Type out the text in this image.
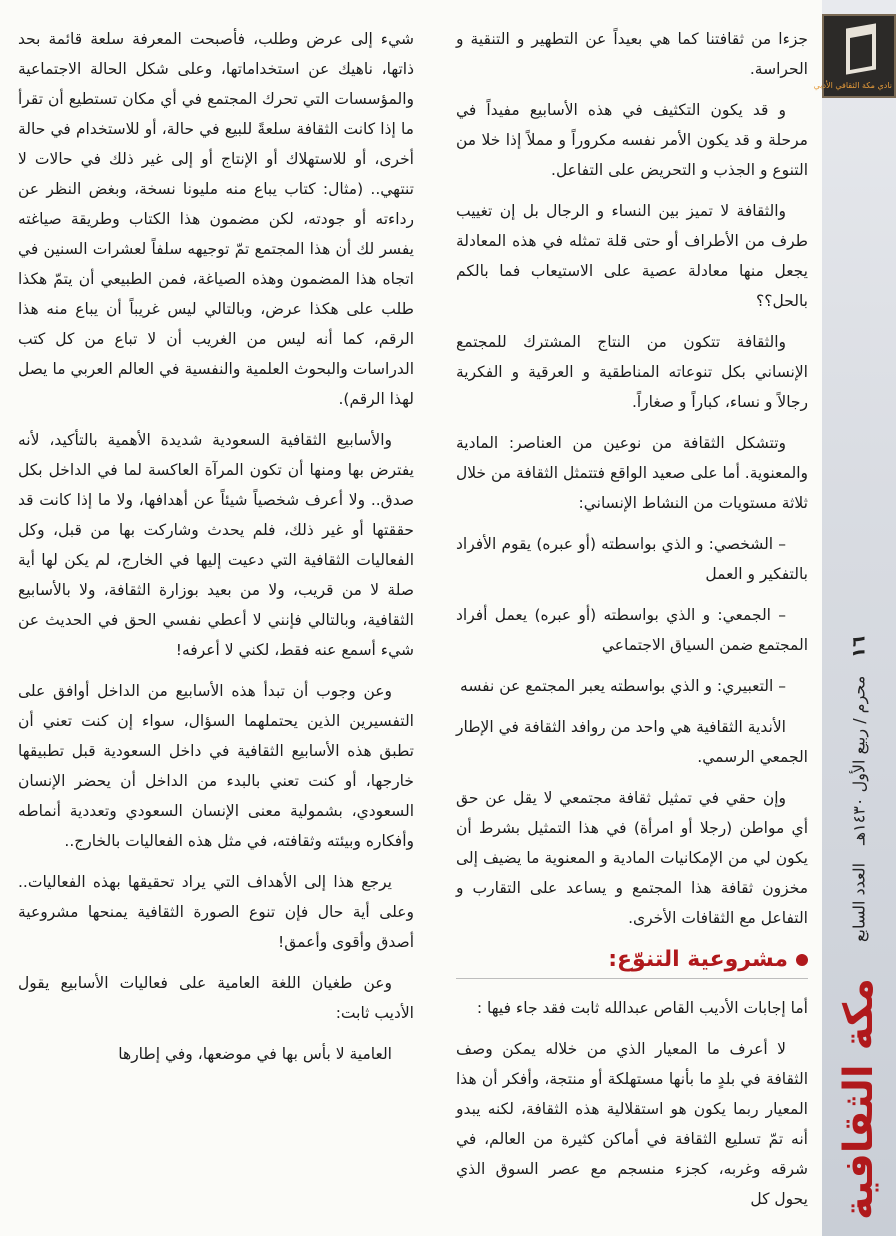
نادي مكة الثقافي الأدبي
١٦
محرم / ربيع الأول ١٤٣٠هـ
العدد السابع
مكة الثقافية

جزءا من ثقافتنا كما هي بعيداً عن التطهير و التنقية و الحراسة.

و قد يكون التكثيف في هذه الأسابيع مفيداً في مرحلة و قد يكون الأمر نفسه مكروراً و مملاً إذا خلا من التنوع و الجذب و التحريض على التفاعل.

والثقافة لا تميز بين النساء و الرجال بل إن تغييب طرف من الأطراف أو حتى قلة تمثله في هذه المعادلة يجعل منها معادلة عصية على الاستيعاب فما بالكم بالحل؟؟

والثقافة تتكون من النتاج المشترك للمجتمع الإنساني بكل تنوعاته المناطقية و العرقية و الفكرية رجالاً و نساء، كباراً و صغاراً.

وتتشكل الثقافة من نوعين من العناصر: المادية والمعنوية. أما على صعيد الواقع فتتمثل الثقافة من خلال ثلاثة مستويات من النشاط الإنساني:

– الشخصي: و الذي بواسطته (أو عبره) يقوم الأفراد بالتفكير و العمل

– الجمعي: و الذي بواسطته (أو عبره) يعمل أفراد المجتمع ضمن السياق الاجتماعي

– التعبيري: و الذي بواسطته يعبر المجتمع عن نفسه

الأندية الثقافية هي واحد من روافد الثقافة في الإطار الجمعي الرسمي.

وإن حقي في تمثيل ثقافة مجتمعي لا يقل عن حق أي مواطن (رجلا أو امرأة) في هذا التمثيل بشرط أن يكون لي من الإمكانيات المادية و المعنوية ما يضيف إلى مخزون ثقافة هذا المجتمع و يساعد على التقارب و التفاعل مع الثقافات الأخرى.

مشروعية التنوّع:

أما إجابات الأديب القاص عبدالله ثابت فقد جاء فيها :

لا أعرف ما المعيار الذي من خلاله يمكن وصف الثقافة في بلدٍ ما بأنها مستهلكة أو منتجة، وأفكر أن هذا المعيار ربما يكون هو استقلالية هذه الثقافة، لكنه يبدو أنه تمّ تسليع الثقافة في أماكن كثيرة من العالم، في شرقه وغربه، كجزء منسجم مع عصر السوق الذي يحول كل

شيء إلى عرض وطلب، فأصبحت المعرفة سلعة قائمة بحد ذاتها، ناهيك عن استخداماتها، وعلى شكل الحالة الاجتماعية والمؤسسات التي تحرك المجتمع في أي مكان تستطيع أن تقرأ ما إذا كانت الثقافة سلعةً للبيع في حالة، أو للاستخدام في حالة أخرى، أو للاستهلاك أو الإنتاج أو إلى غير ذلك في حالات لا تنتهي.. (مثال: كتاب يباع منه مليونا نسخة، وبغض النظر عن رداءته أو جودته، لكن مضمون هذا الكتاب وطريقة صياغته يفسر لك أن هذا المجتمع تمّ توجيهه سلفاً لعشرات السنين في اتجاه هذا المضمون وهذه الصياغة، فمن الطبيعي أن يتمّ هكذا طلب على هكذا عرض، وبالتالي ليس غريباً أن يباع منه هذا الرقم، كما أنه ليس من الغريب أن لا تباع من كل كتب الدراسات والبحوث العلمية والنفسية في العالم العربي ما يصل لهذا الرقم).

والأسابيع الثقافية السعودية شديدة الأهمية بالتأكيد، لأنه يفترض بها ومنها أن تكون المرآة العاكسة لما في الداخل بكل صدق.. ولا أعرف شخصياً شيئاً عن أهدافها، ولا ما إذا كانت قد حققتها أو غير ذلك، فلم يحدث وشاركت بها من قبل، وكل الفعاليات الثقافية التي دعيت إليها في الخارج، لم يكن لها أية صلة لا من قريب، ولا من بعيد بوزارة الثقافة، ولا بالأسابيع الثقافية، وبالتالي فإنني لا أعطي نفسي الحق في الحديث عن شيء أسمع عنه فقط، لكني لا أعرفه!

وعن وجوب أن تبدأ هذه الأسابيع من الداخل أوافق على التفسيرين الذين يحتملهما السؤال، سواء إن كنت تعني أن تطبق هذه الأسابيع الثقافية في داخل السعودية قبل تطبيقها خارجها، أو كنت تعني بالبدء من الداخل أن يحضر الإنسان السعودي، بشمولية معنى الإنسان السعودي وتعددية أنماطه وأفكاره وبيئته وثقافته، في مثل هذه الفعاليات بالخارج..

يرجع هذا إلى الأهداف التي يراد تحقيقها بهذه الفعاليات.. وعلى أية حال فإن تنوع الصورة الثقافية يمنحها مشروعية أصدق وأقوى وأعمق!

وعن طغيان اللغة العامية على فعاليات الأسابيع يقول الأديب ثابت:

العامية لا بأس بها في موضعها، وفي إطارها
